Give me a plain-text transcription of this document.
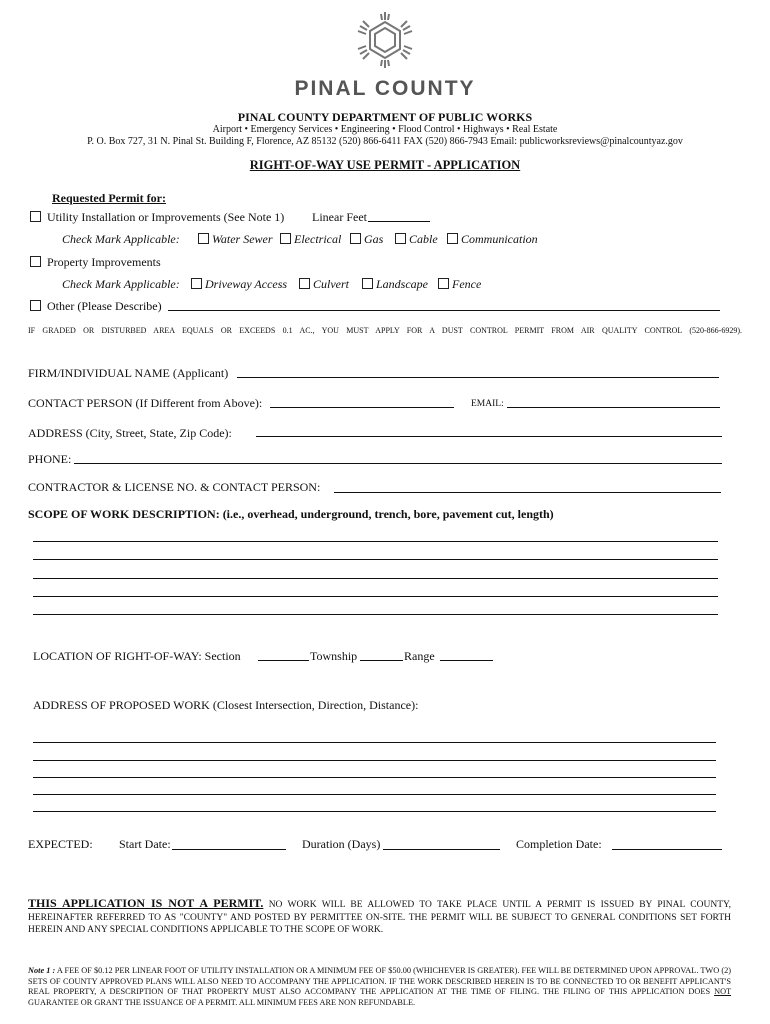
PINAL COUNTY
PINAL COUNTY DEPARTMENT OF PUBLIC WORKS
Airport • Emergency Services • Engineering • Flood Control • Highways • Real Estate
P. O. Box 727, 31 N. Pinal St. Building F, Florence, AZ 85132 (520) 866-6411 FAX (520) 866-7943 Email: publicworksreviews@pinalcountyaz.gov
RIGHT-OF-WAY USE PERMIT - APPLICATION
Requested Permit for:
Utility Installation or Improvements (See Note 1) Linear Feet
Check Mark Applicable:	Water Sewer	Electrical	Gas	Cable	Communication
Property Improvements
Check Mark Applicable:	Driveway Access	Culvert	Landscape	Fence
Other (Please Describe)
IF GRADED OR DISTURBED AREA EQUALS OR EXCEEDS 0.1 AC., YOU MUST APPLY FOR A DUST CONTROL PERMIT FROM AIR QUALITY CONTROL (520-866-6929).
FIRM/INDIVIDUAL NAME (Applicant)
CONTACT PERSON (If Different from Above):	EMAIL:
ADDRESS (City, Street, State, Zip Code):
PHONE:
CONTRACTOR & LICENSE NO. & CONTACT PERSON:
SCOPE OF WORK DESCRIPTION: (i.e., overhead, underground, trench, bore, pavement cut, length)
LOCATION OF RIGHT-OF-WAY: Section	Township	Range
ADDRESS OF PROPOSED WORK (Closest Intersection, Direction, Distance):
EXPECTED: Start Date:	Duration (Days)	Completion Date:
THIS APPLICATION IS NOT A PERMIT. NO WORK WILL BE ALLOWED TO TAKE PLACE UNTIL A PERMIT IS ISSUED BY PINAL COUNTY, HEREINAFTER REFERRED TO AS "COUNTY" AND POSTED BY PERMITTEE ON-SITE. THE PERMIT WILL BE SUBJECT TO GENERAL CONDITIONS SET FORTH HEREIN AND ANY SPECIAL CONDITIONS APPLICABLE TO THE SCOPE OF WORK.
Note 1 : A FEE OF $0.12 PER LINEAR FOOT OF UTILITY INSTALLATION OR A MINIMUM FEE OF $50.00 (WHICHEVER IS GREATER). FEE WILL BE DETERMINED UPON APPROVAL. TWO (2) SETS OF COUNTY APPROVED PLANS WILL ALSO NEED TO ACCOMPANY THE APPLICATION. IF THE WORK DESCRIBED HEREIN IS TO BE CONNECTED TO OR BENEFIT APPLICANT'S REAL PROPERTY, A DESCRIPTION OF THAT PROPERTY MUST ALSO ACCOMPANY THE APPLICATION AT THE TIME OF FILING. THE FILING OF THIS APPLICATION DOES NOT GUARANTEE OR GRANT THE ISSUANCE OF A PERMIT. ALL MINIMUM FEES ARE NON REFUNDABLE.
